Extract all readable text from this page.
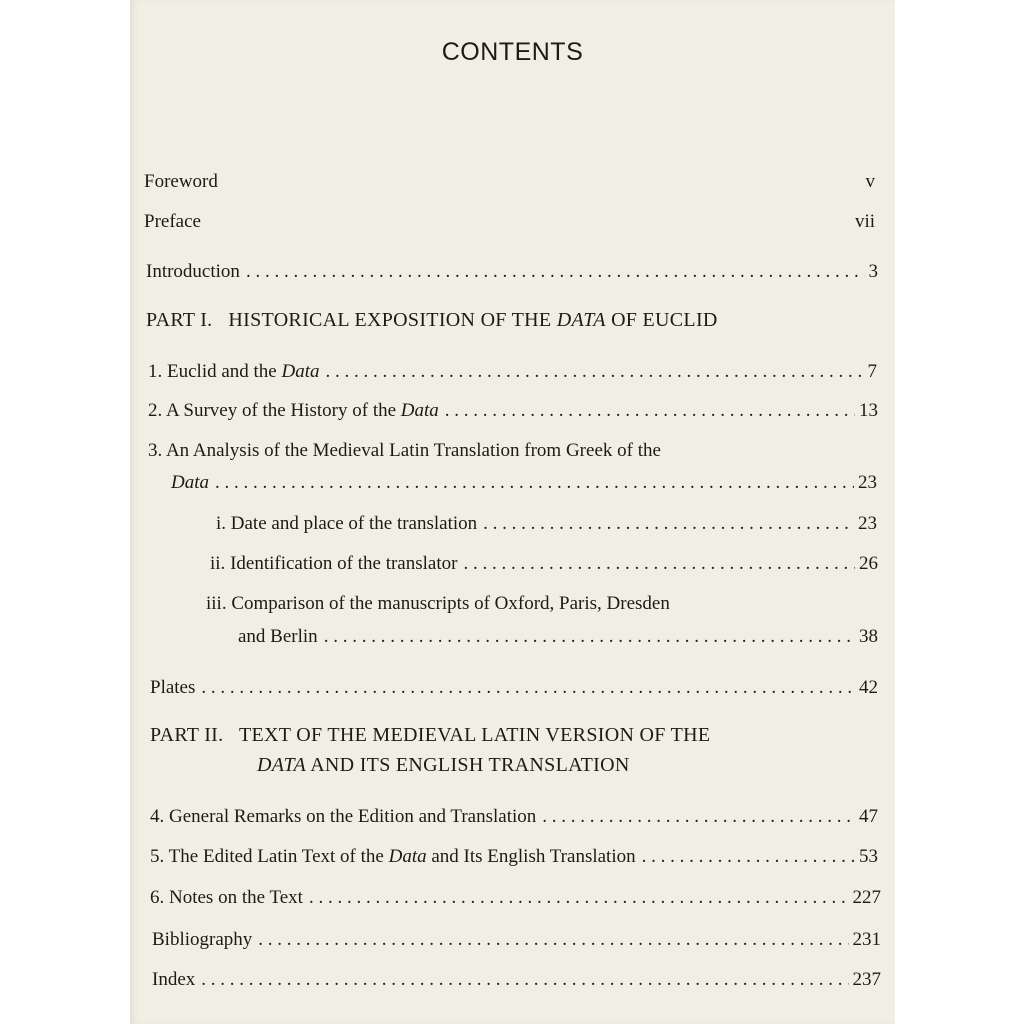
CONTENTS
Foreword	v
Preface	vii
Introduction . . .	3
PART I. HISTORICAL EXPOSITION OF THE DATA OF EUCLID
1. Euclid and the Data . . .	7
2. A Survey of the History of the Data . . .	13
3. An Analysis of the Medieval Latin Translation from Greek of the
Data . . .	23
i. Date and place of the translation . . .	23
ii. Identification of the translator . . .	26
iii. Comparison of the manuscripts of Oxford, Paris, Dresden
and Berlin . . .	38
Plates . . .	42
PART II. TEXT OF THE MEDIEVAL LATIN VERSION OF THE
DATA AND ITS ENGLISH TRANSLATION
4. General Remarks on the Edition and Translation . . .	47
5. The Edited Latin Text of the Data and Its English Translation . . .	53
6. Notes on the Text . . .	227
Bibliography . . .	231
Index . . .	237
